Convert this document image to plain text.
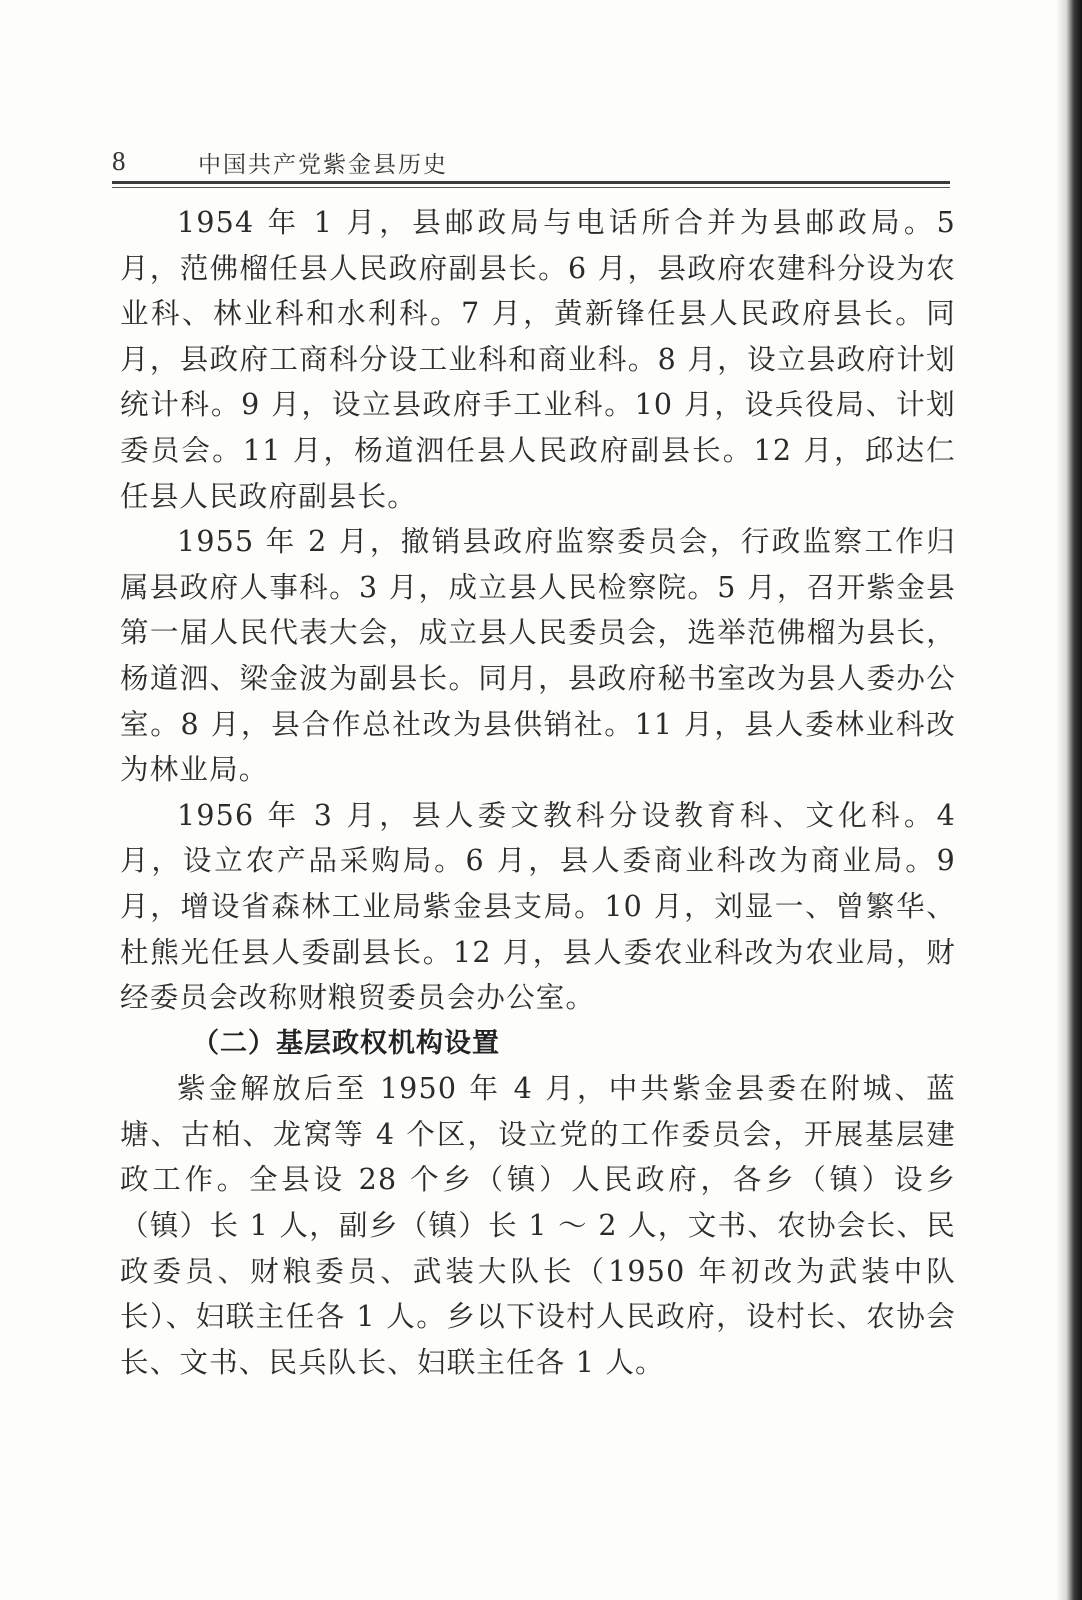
8	中国共产党紫金县历史

1954 年 1 月，县邮政局与电话所合并为县邮政局。5 月，范佛榴任县人民政府副县长。6 月，县政府农建科分设为农业科、林业科和水利科。7 月，黄新锋任县人民政府县长。同月，县政府工商科分设工业科和商业科。8 月，设立县政府计划统计科。9 月，设立县政府手工业科。10 月，设兵役局、计划委员会。11 月，杨道泗任县人民政府副县长。12 月，邱达仁任县人民政府副县长。

1955 年 2 月，撤销县政府监察委员会，行政监察工作归属县政府人事科。3 月，成立县人民检察院。5 月，召开紫金县第一届人民代表大会，成立县人民委员会，选举范佛榴为县长，杨道泗、梁金波为副县长。同月，县政府秘书室改为县人委办公室。8 月，县合作总社改为县供销社。11 月，县人委林业科改为林业局。

1956 年 3 月，县人委文教科分设教育科、文化科。4 月，设立农产品采购局。6 月，县人委商业科改为商业局。9 月，增设省森林工业局紫金县支局。10 月，刘显一、曾繁华、杜熊光任县人委副县长。12 月，县人委农业科改为农业局，财经委员会改称财粮贸委员会办公室。

（二）基层政权机构设置

紫金解放后至 1950 年 4 月，中共紫金县委在附城、蓝塘、古柏、龙窝等 4 个区，设立党的工作委员会，开展基层建政工作。全县设 28 个乡（镇）人民政府，各乡（镇）设乡（镇）长 1 人，副乡（镇）长 1 ～ 2 人，文书、农协会长、民政委员、财粮委员、武装大队长（1950 年初改为武装中队长）、妇联主任各 1 人。乡以下设村人民政府，设村长、农协会长、文书、民兵队长、妇联主任各 1 人。
